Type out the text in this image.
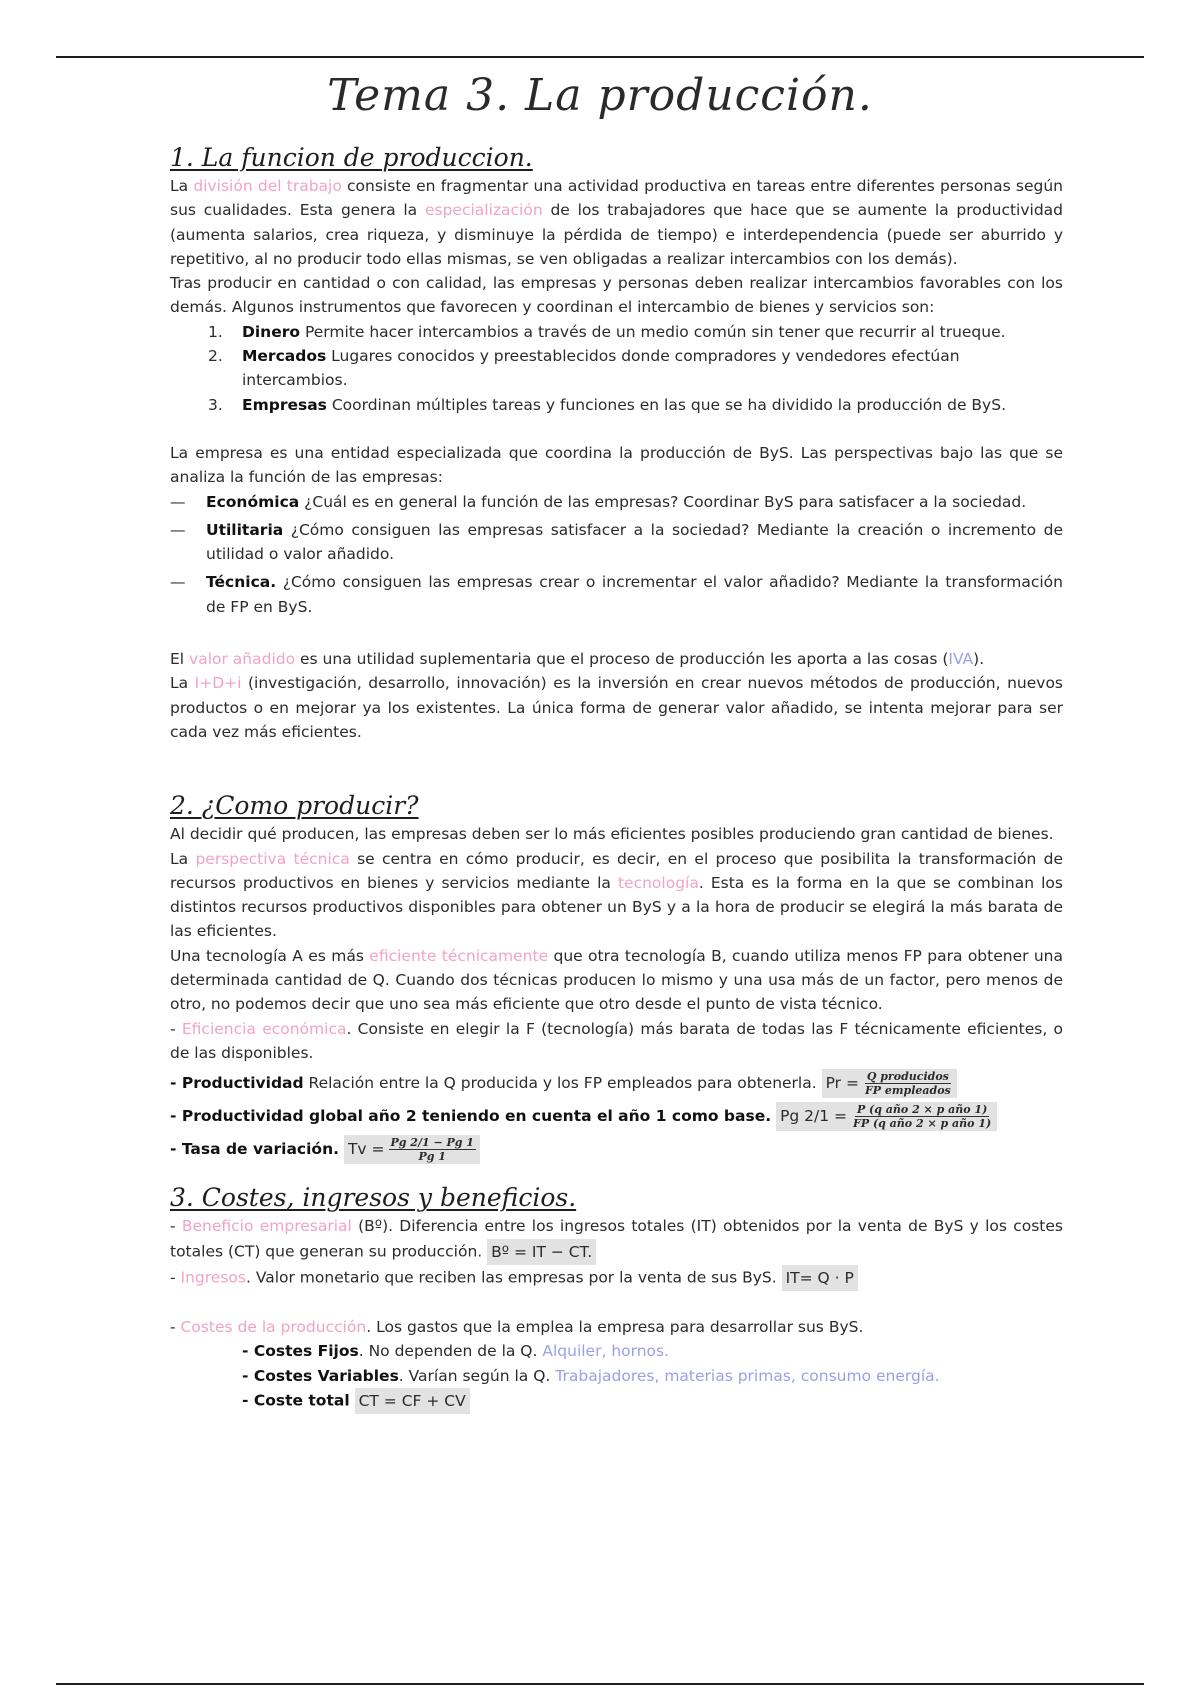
Tema 3. La producción.
1. La funcion de produccion.

La división del trabajo consiste en fragmentar una actividad productiva en tareas entre diferentes personas según sus cualidades. Esta genera la especialización de los trabajadores que hace que se aumente la productividad (aumenta salarios, crea riqueza, y disminuye la pérdida de tiempo) e interdependencia (puede ser aburrido y repetitivo, al no producir todo ellas mismas, se ven obligadas a realizar intercambios con los demás).

Tras producir en cantidad o con calidad, las empresas y personas deben realizar intercambios favorables con los demás. Algunos instrumentos que favorecen y coordinan el intercambio de bienes y servicios son:

1. Dinero Permite hacer intercambios a través de un medio común sin tener que recurrir al trueque.
2. Mercados Lugares conocidos y preestablecidos donde compradores y vendedores efectúan intercambios.
3. Empresas Coordinan múltiples tareas y funciones en las que se ha dividido la producción de ByS.

La empresa es una entidad especializada que coordina la producción de ByS. Las perspectivas bajo las que se analiza la función de las empresas:

— Económica ¿Cuál es en general la función de las empresas? Coordinar ByS para satisfacer a la sociedad.
— Utilitaria ¿Cómo consiguen las empresas satisfacer a la sociedad? Mediante la creación o incremento de utilidad o valor añadido.
— Técnica. ¿Cómo consiguen las empresas crear o incrementar el valor añadido? Mediante la transformación de FP en ByS.

El valor añadido es una utilidad suplementaria que el proceso de producción les aporta a las cosas (IVA).

La I+D+i (investigación, desarrollo, innovación) es la inversión en crear nuevos métodos de producción, nuevos productos o en mejorar ya los existentes. La única forma de generar valor añadido, se intenta mejorar para ser cada vez más eficientes.

2. ¿Como producir?

Al decidir qué producen, las empresas deben ser lo más eficientes posibles produciendo gran cantidad de bienes.

La perspectiva técnica se centra en cómo producir, es decir, en el proceso que posibilita la transformación de recursos productivos en bienes y servicios mediante la tecnología. Esta es la forma en la que se combinan los distintos recursos productivos disponibles para obtener un ByS y a la hora de producir se elegirá la más barata de las eficientes.

Una tecnología A es más eficiente técnicamente que otra tecnología B, cuando utiliza menos FP para obtener una determinada cantidad de Q. Cuando dos técnicas producen lo mismo y una usa más de un factor, pero menos de otro, no podemos decir que uno sea más eficiente que otro desde el punto de vista técnico.

- Eficiencia económica. Consiste en elegir la F (tecnología) más barata de todas las F técnicamente eficientes, o de las disponibles.

- Productividad Relación entre la Q producida y los FP empleados para obtenerla. $Pr = \frac{\text{Q producidos}}{\text{FP empleados}}$
- Productividad global año 2 teniendo en cuenta el año 1 como base. Pg $2/1 = \frac{\text{P (q año 2 × p año 1)}}{\text{FP (q año 2 × p año 1)}}$
- Tasa de variación. $Tv = \frac{Pg 2/1 - Pg 1}{Pg 1}$
3. Costes, ingresos y beneficios.

- Beneficio empresarial (Bº). Diferencia entre los ingresos totales (IT) obtenidos por la venta de ByS y los costes totales (CT) que generan su producción. Bº = IT − CT.

- Ingresos. Valor monetario que reciben las empresas por la venta de sus ByS. IT= Q · P

- Costes de la producción. Los gastos que la emplea la empresa para desarrollar sus ByS.

- Costes Fijos. No dependen de la Q. Alquiler, hornos.
- Costes Variables. Varían según la Q. Trabajadores, materias primas, consumo energía.
- Coste total CT = CF + CV
